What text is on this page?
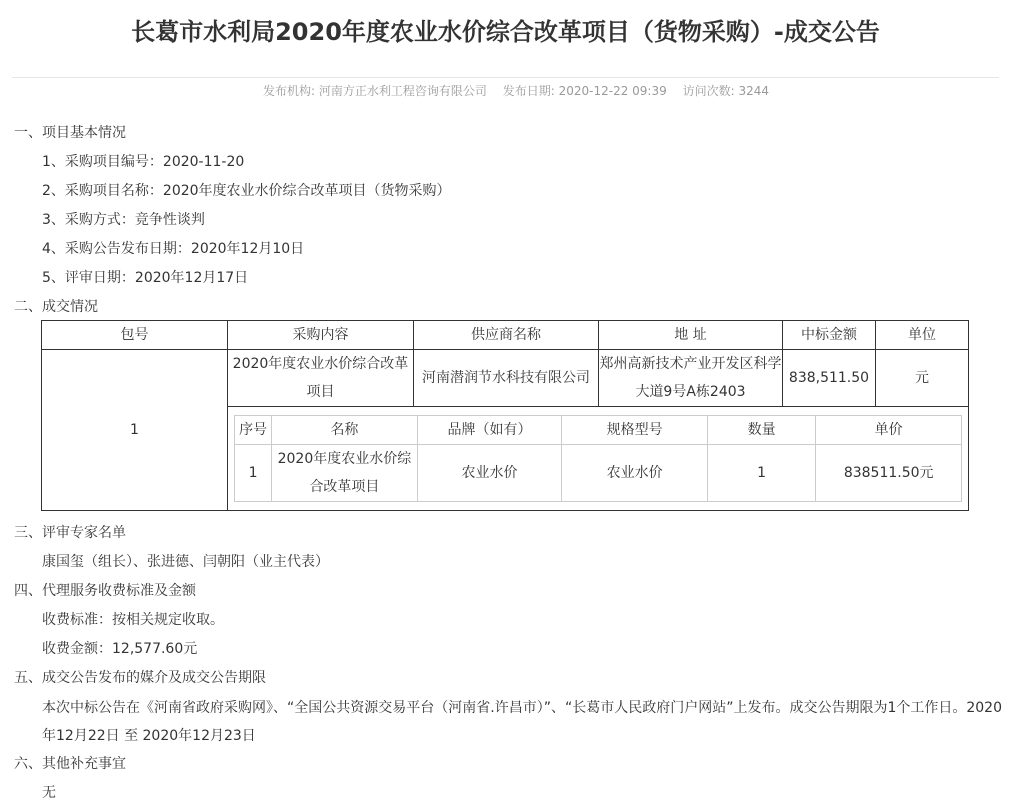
长葛市水利局2020年度农业水价综合改革项目（货物采购）-成交公告
发布机构: 河南方正水利工程咨询有限公司 发布日期: 2020-12-22 09:39 访问次数: 3244
一、项目基本情况
1、采购项目编号：2020-11-20
2、采购项目名称：2020年度农业水价综合改革项目（货物采购）
3、采购方式：竞争性谈判
4、采购公告发布日期：2020年12月10日
5、评审日期：2020年12月17日
二、成交情况
包号	采购内容	供应商名称	地 址	中标金额	单位
1	2020年度农业水价综合改革项目	河南潜润节水科技有限公司	郑州高新技术产业开发区科学大道9号A栋2403	838,511.50	元

序号	名称	品牌（如有）	规格型号	数量	单价
1	2020年度农业水价综合改革项目	农业水价	农业水价	1	838511.50元
三、评审专家名单
康国玺（组长）、张进德、闫朝阳（业主代表）
四、代理服务收费标准及金额
收费标准：按相关规定收取。
收费金额：12,577.60元
五、成交公告发布的媒介及成交公告期限
本次中标公告在《河南省政府采购网》、“全国公共资源交易平台（河南省.许昌市）”、“长葛市人民政府门户网站”上发布。成交公告期限为1个工作日。2020年12月22日 至 2020年12月23日
六、其他补充事宜
无
